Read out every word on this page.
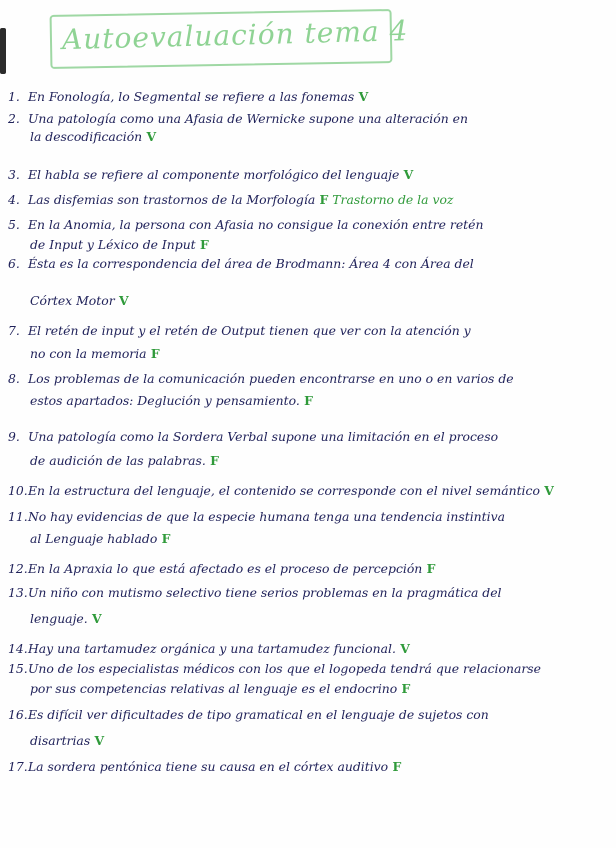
Autoevaluación tema 4
1. En Fonología, lo Segmental se refiere a las fonemas V
2. Una patología como una Afasia de Wernicke supone una alteración en
la descodificación V
3. El habla se refiere al componente morfológico del lenguaje V
4. Las disfemias son trastornos de la Morfología F Trastorno de la voz
5. En la Anomia, la persona con Afasia no consigue la conexión entre retén
de Input y Léxico de Input F
6. Ésta es la correspondencia del área de Brodmann: Área 4 con Área del
Córtex Motor V
7. El retén de input y el retén de Output tienen que ver con la atención y
no con la memoria F
8. Los problemas de la comunicación pueden encontrarse en uno o en varios de
estos apartados: Deglución y pensamiento. F
9. Una patología como la Sordera Verbal supone una limitación en el proceso
de audición de las palabras. F
10. En la estructura del lenguaje, el contenido se corresponde con el nivel semántico V
11. No hay evidencias de que la especie humana tenga una tendencia instintiva
al Lenguaje hablado F
12. En la Apraxia lo que está afectado es el proceso de percepción F
13. Un niño con mutismo selectivo tiene serios problemas en la pragmática del
lenguaje. V
14. Hay una tartamudez orgánica y una tartamudez funcional. V
15. Uno de los especialistas médicos con los que el logopeda tendrá que relacionarse
por sus competencias relativas al lenguaje es el endocrino F
16. Es difícil ver dificultades de tipo gramatical en el lenguaje de sujetos con
disartrias V
17. La sordera pentónica tiene su causa en el córtex auditivo F
